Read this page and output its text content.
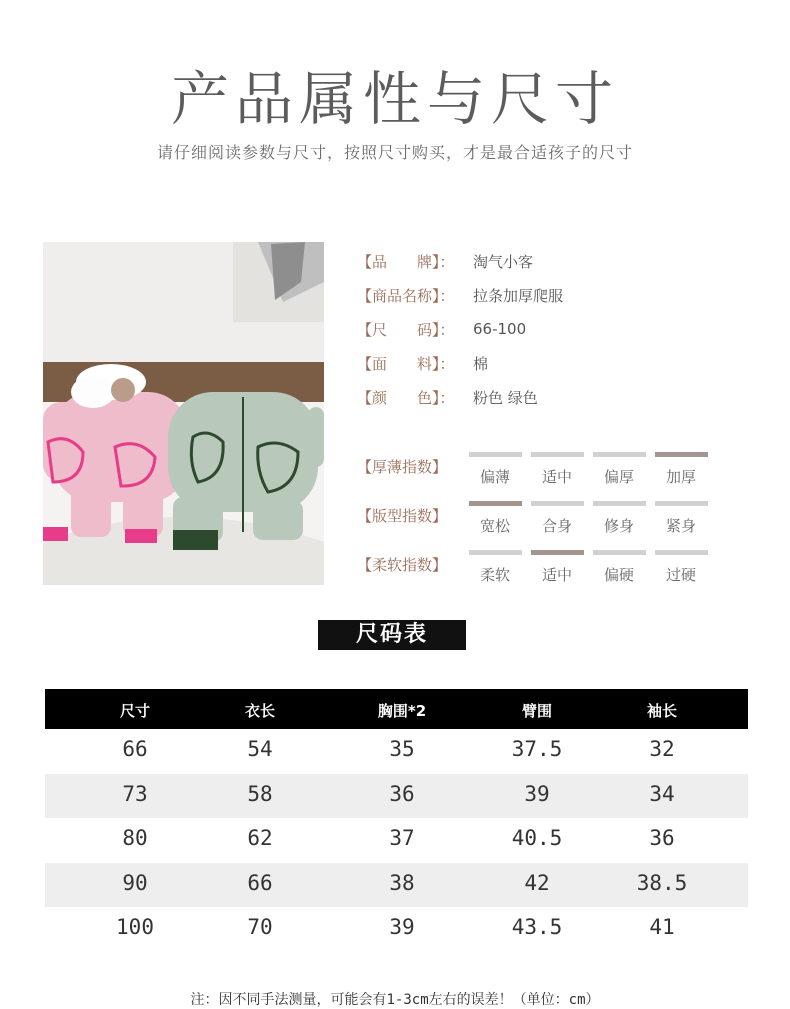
产品属性与尺寸
请仔细阅读参数与尺寸，按照尺寸购买，才是最合适孩子的尺寸
【品　　牌】：	淘气小客
【商品名称】：	拉条加厚爬服
【尺　　码】：	66-100
【面　　料】：	棉
【颜　　色】：	粉色 绿色
【厚薄指数】
偏薄	适中	偏厚	加厚
【版型指数】
宽松	合身	修身	紧身
【柔软指数】
柔软	适中	偏硬	过硬
尺码表
尺寸	衣长	胸围*2	臂围	袖长
66	54	35	37.5	32
73	58	36	39	34
80	62	37	40.5	36
90	66	38	42	38.5
100	70	39	43.5	41
注：因不同手法测量，可能会有1-3cm左右的误差！（单位：cm）
